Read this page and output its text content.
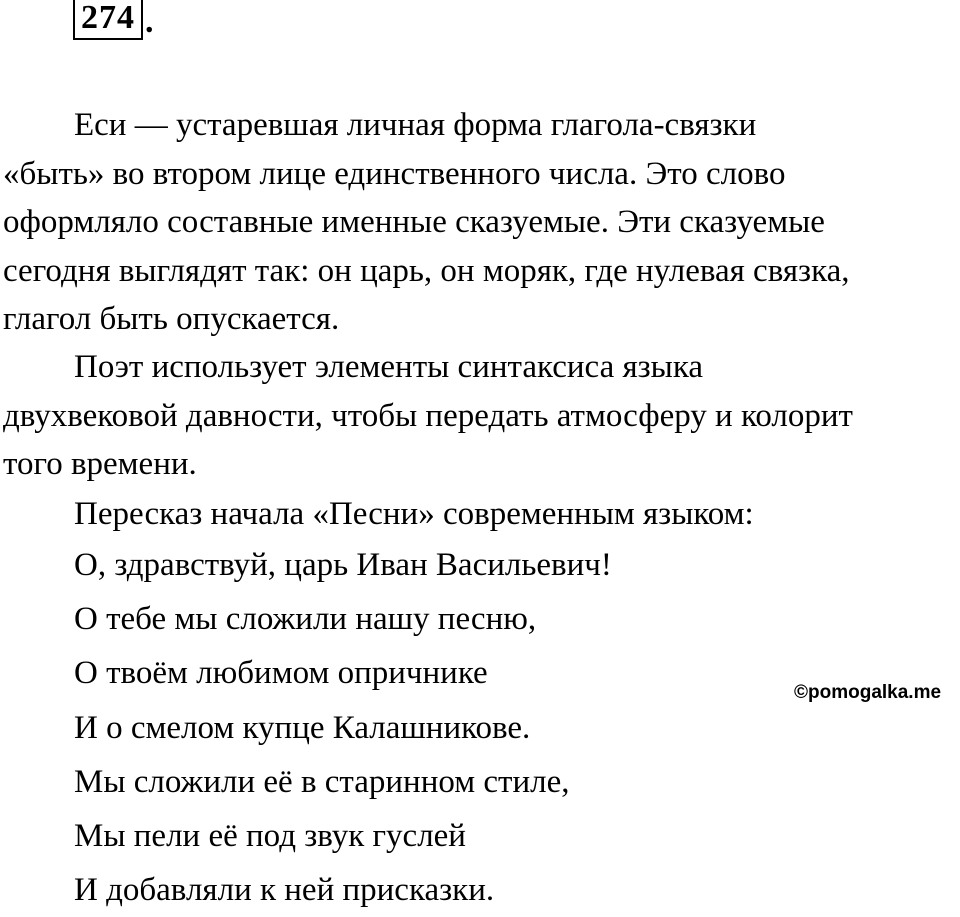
274 .
Еси — устаревшая личная форма глагола-связки
«быть» во втором лице единственного числа. Это слово
оформляло составные именные сказуемые. Эти сказуемые
сегодня выглядят так: он царь, он моряк, где нулевая связка,
глагол быть опускается.
Поэт использует элементы синтаксиса языка
двухвековой давности, чтобы передать атмосферу и колорит
того времени.
Пересказ начала «Песни» современным языком:
О, здравствуй, царь Иван Васильевич!
О тебе мы сложили нашу песню,
О твоём любимом опричнике
И о смелом купце Калашникове.
Мы сложили её в старинном стиле,
Мы пели её под звук гуслей
И добавляли к ней присказки.
©pomogalka.me
